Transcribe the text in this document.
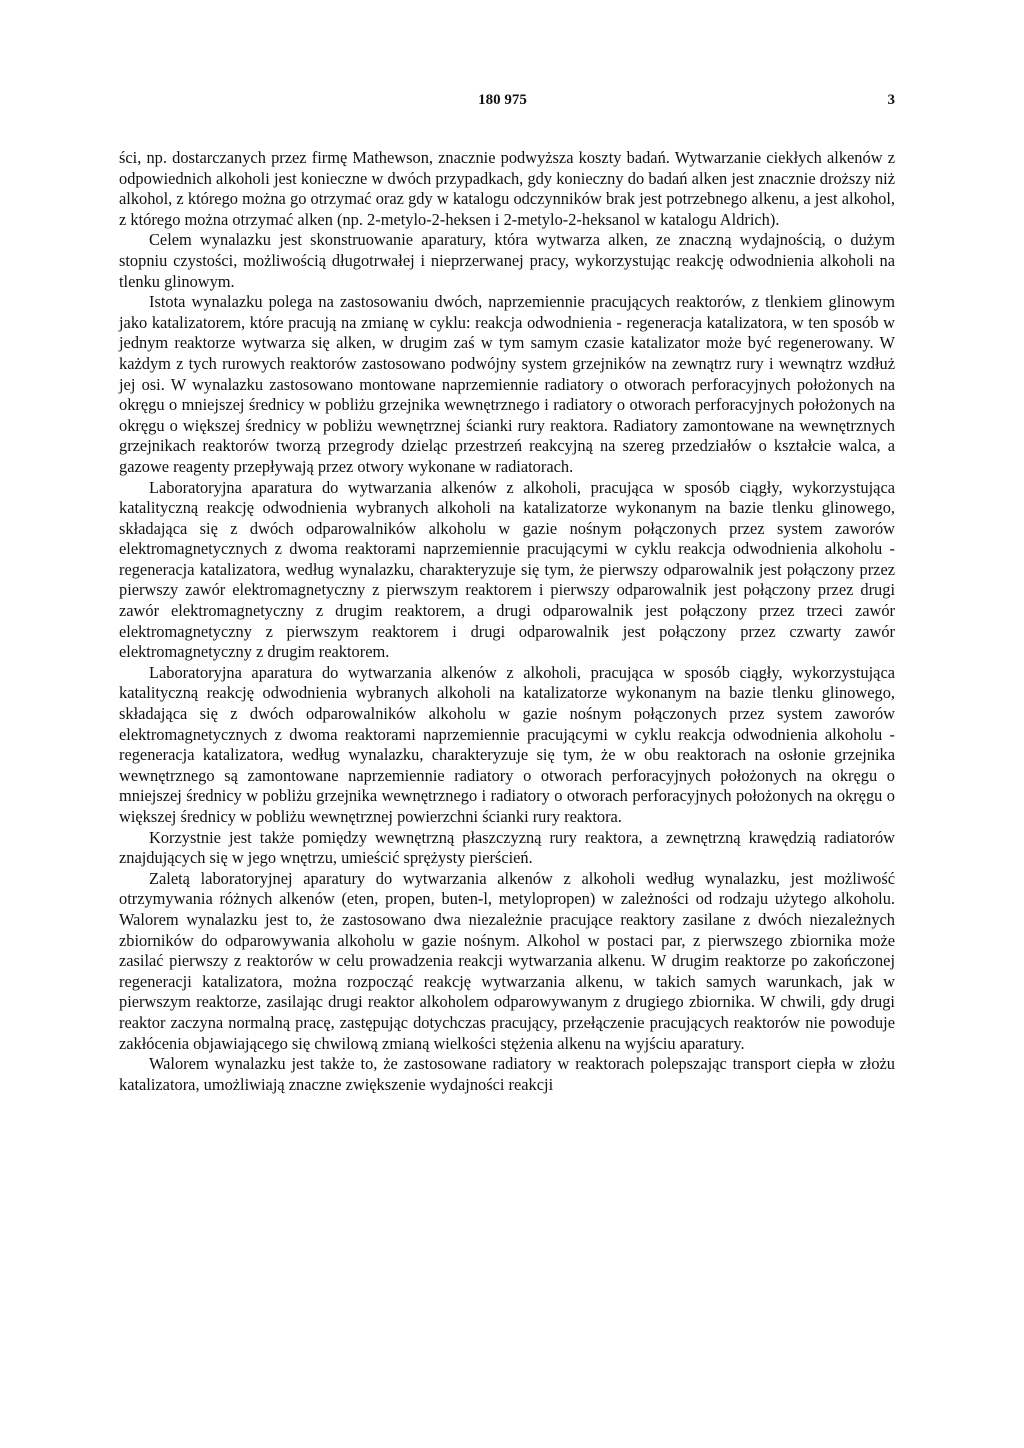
180 975	3

ści, np. dostarczanych przez firmę Mathewson, znacznie podwyższa koszty badań. Wytwarzanie ciekłych alkenów z odpowiednich alkoholi jest konieczne w dwóch przypadkach, gdy konieczny do badań alken jest znacznie droższy niż alkohol, z którego można go otrzymać oraz gdy w katalogu odczynników brak jest potrzebnego alkenu, a jest alkohol, z którego można otrzymać alken (np. 2-metylo-2-heksen i 2-metylo-2-heksanol w katalogu Aldrich).

Celem wynalazku jest skonstruowanie aparatury, która wytwarza alken, ze znaczną wydajnością, o dużym stopniu czystości, możliwością długotrwałej i nieprzerwanej pracy, wykorzystując reakcję odwodnienia alkoholi na tlenku glinowym.

Istota wynalazku polega na zastosowaniu dwóch, naprzemiennie pracujących reaktorów, z tlenkiem glinowym jako katalizatorem, które pracują na zmianę w cyklu: reakcja odwodnienia - regeneracja katalizatora, w ten sposób w jednym reaktorze wytwarza się alken, w drugim zaś w tym samym czasie katalizator może być regenerowany. W każdym z tych rurowych reaktorów zastosowano podwójny system grzejników na zewnątrz rury i wewnątrz wzdłuż jej osi. W wynalazku zastosowano montowane naprzemiennie radiatory o otworach perforacyjnych położonych na okręgu o mniejszej średnicy w pobliżu grzejnika wewnętrznego i radiatory o otworach perforacyjnych położonych na okręgu o większej średnicy w pobliżu wewnętrznej ścianki rury reaktora. Radiatory zamontowane na wewnętrznych grzejnikach reaktorów tworzą przegrody dzieląc przestrzeń reakcyjną na szereg przedziałów o kształcie walca, a gazowe reagenty przepływają przez otwory wykonane w radiatorach.

Laboratoryjna aparatura do wytwarzania alkenów z alkoholi, pracująca w sposób ciągły, wykorzystująca katalityczną reakcję odwodnienia wybranych alkoholi na katalizatorze wykonanym na bazie tlenku glinowego, składająca się z dwóch odparowalników alkoholu w gazie nośnym połączonych przez system zaworów elektromagnetycznych z dwoma reaktorami naprzemiennie pracującymi w cyklu reakcja odwodnienia alkoholu - regeneracja katalizatora, według wynalazku, charakteryzuje się tym, że pierwszy odparowalnik jest połączony przez pierwszy zawór elektromagnetyczny z pierwszym reaktorem i pierwszy odparowalnik jest połączony przez drugi zawór elektromagnetyczny z drugim reaktorem, a drugi odparowalnik jest połączony przez trzeci zawór elektromagnetyczny z pierwszym reaktorem i drugi odparowalnik jest połączony przez czwarty zawór elektromagnetyczny z drugim reaktorem.

Laboratoryjna aparatura do wytwarzania alkenów z alkoholi, pracująca w sposób ciągły, wykorzystująca katalityczną reakcję odwodnienia wybranych alkoholi na katalizatorze wykonanym na bazie tlenku glinowego, składająca się z dwóch odparowalników alkoholu w gazie nośnym połączonych przez system zaworów elektromagnetycznych z dwoma reaktorami naprzemiennie pracującymi w cyklu reakcja odwodnienia alkoholu - regeneracja katalizatora, według wynalazku, charakteryzuje się tym, że w obu reaktorach na osłonie grzejnika wewnętrznego są zamontowane naprzemiennie radiatory o otworach perforacyjnych położonych na okręgu o mniejszej średnicy w pobliżu grzejnika wewnętrznego i radiatory o otworach perforacyjnych położonych na okręgu o większej średnicy w pobliżu wewnętrznej powierzchni ścianki rury reaktora.

Korzystnie jest także pomiędzy wewnętrzną płaszczyzną rury reaktora, a zewnętrzną krawędzią radiatorów znajdujących się w jego wnętrzu, umieścić sprężysty pierścień.

Zaletą laboratoryjnej aparatury do wytwarzania alkenów z alkoholi według wynalazku, jest możliwość otrzymywania różnych alkenów (eten, propen, buten-l, metylopropen) w zależności od rodzaju użytego alkoholu. Walorem wynalazku jest to, że zastosowano dwa niezależnie pracujące reaktory zasilane z dwóch niezależnych zbiorników do odparowywania alkoholu w gazie nośnym. Alkohol w postaci par, z pierwszego zbiornika może zasilać pierwszy z reaktorów w celu prowadzenia reakcji wytwarzania alkenu. W drugim reaktorze po zakończonej regeneracji katalizatora, można rozpocząć reakcję wytwarzania alkenu, w takich samych warunkach, jak w pierwszym reaktorze, zasilając drugi reaktor alkoholem odparowywanym z drugiego zbiornika. W chwili, gdy drugi reaktor zaczyna normalną pracę, zastępując dotychczas pracujący, przełączenie pracujących reaktorów nie powoduje zakłócenia objawiającego się chwilową zmianą wielkości stężenia alkenu na wyjściu aparatury.

Walorem wynalazku jest także to, że zastosowane radiatory w reaktorach polepszając transport ciepła w złożu katalizatora, umożliwiają znaczne zwiększenie wydajności reakcji
